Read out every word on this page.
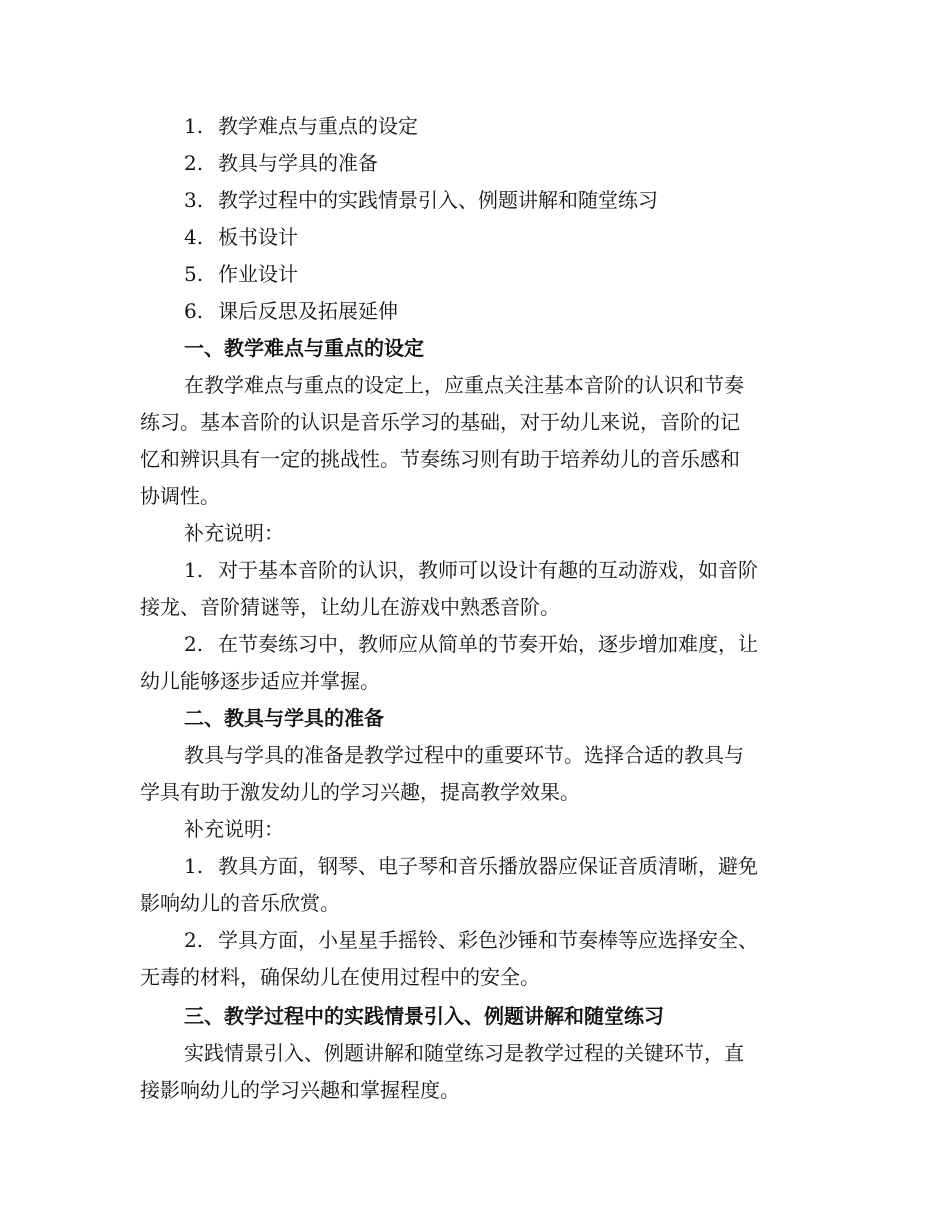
1. 教学难点与重点的设定
2. 教具与学具的准备
3. 教学过程中的实践情景引入、例题讲解和随堂练习
4. 板书设计
5. 作业设计
6. 课后反思及拓展延伸
一、教学难点与重点的设定
在教学难点与重点的设定上，应重点关注基本音阶的认识和节奏
练习。基本音阶的认识是音乐学习的基础，对于幼儿来说，音阶的记
忆和辨识具有一定的挑战性。节奏练习则有助于培养幼儿的音乐感和
协调性。
补充说明：
1. 对于基本音阶的认识，教师可以设计有趣的互动游戏，如音阶
接龙、音阶猜谜等，让幼儿在游戏中熟悉音阶。
2. 在节奏练习中，教师应从简单的节奏开始，逐步增加难度，让
幼儿能够逐步适应并掌握。
二、教具与学具的准备
教具与学具的准备是教学过程中的重要环节。选择合适的教具与
学具有助于激发幼儿的学习兴趣，提高教学效果。
补充说明：
1. 教具方面，钢琴、电子琴和音乐播放器应保证音质清晰，避免
影响幼儿的音乐欣赏。
2. 学具方面，小星星手摇铃、彩色沙锤和节奏棒等应选择安全、
无毒的材料，确保幼儿在使用过程中的安全。
三、教学过程中的实践情景引入、例题讲解和随堂练习
实践情景引入、例题讲解和随堂练习是教学过程的关键环节，直
接影响幼儿的学习兴趣和掌握程度。
